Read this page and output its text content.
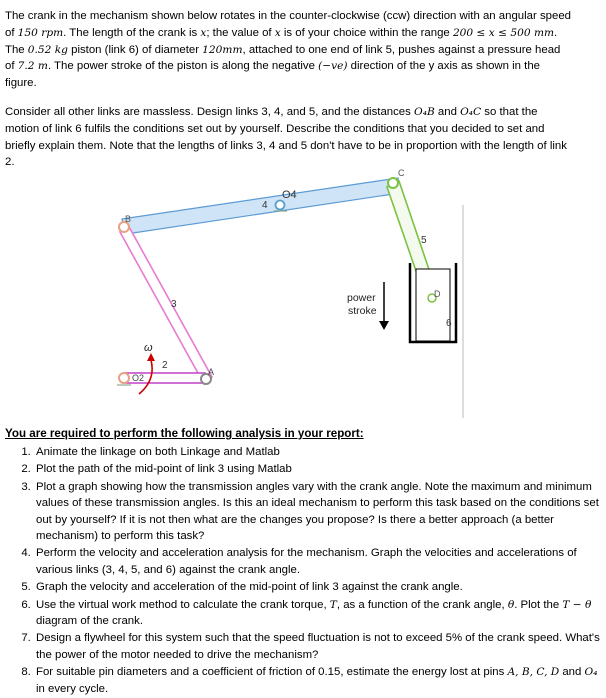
The crank in the mechanism shown below rotates in the counter-clockwise (ccw) direction with an angular speed of 150 rpm. The length of the crank is x; the value of x is of your choice within the range 200 ≤ x ≤ 500 mm. The 0.52 kg piston (link 6) of diameter 120mm, attached to one end of link 5, pushes against a pressure head of 7.2 m. The power stroke of the piston is along the negative (−ve) direction of the y axis as shown in the figure.

Consider all other links are massless. Design links 3, 4, and 5, and the distances O₄B and O₄C so that the motion of link 6 fulfils the conditions set out by yourself. Describe the conditions that you decided to set and briefly explain them. Note that the lengths of links 3, 4 and 5 don't have to be in proportion with the length of link 2.

O4
4
B
C
5
3
D
6
power
stroke
ω
O2
2
A
You are required to perform the following analysis in your report:
1. Animate the linkage on both Linkage and Matlab
2. Plot the path of the mid-point of link 3 using Matlab
3. Plot a graph showing how the transmission angles vary with the crank angle. Note the maximum and minimum values of these transmission angles. Is this an ideal mechanism to perform this task based on the conditions set out by yourself? If it is not then what are the changes you propose? Is there a better approach (a better mechanism) to perform this task?
4. Perform the velocity and acceleration analysis for the mechanism. Graph the velocities and accelerations of various links (3, 4, 5, and 6) against the crank angle.
5. Graph the velocity and acceleration of the mid-point of link 3 against the crank angle.
6. Use the virtual work method to calculate the crank torque, T, as a function of the crank angle, θ. Plot the T − θ diagram of the crank.
7. Design a flywheel for this system such that the speed fluctuation is not to exceed 5% of the crank speed. What's the power of the motor needed to drive the mechanism?
8. For suitable pin diameters and a coefficient of friction of 0.15, estimate the energy lost at pins A, B, C, D and O₄ in every cycle.
